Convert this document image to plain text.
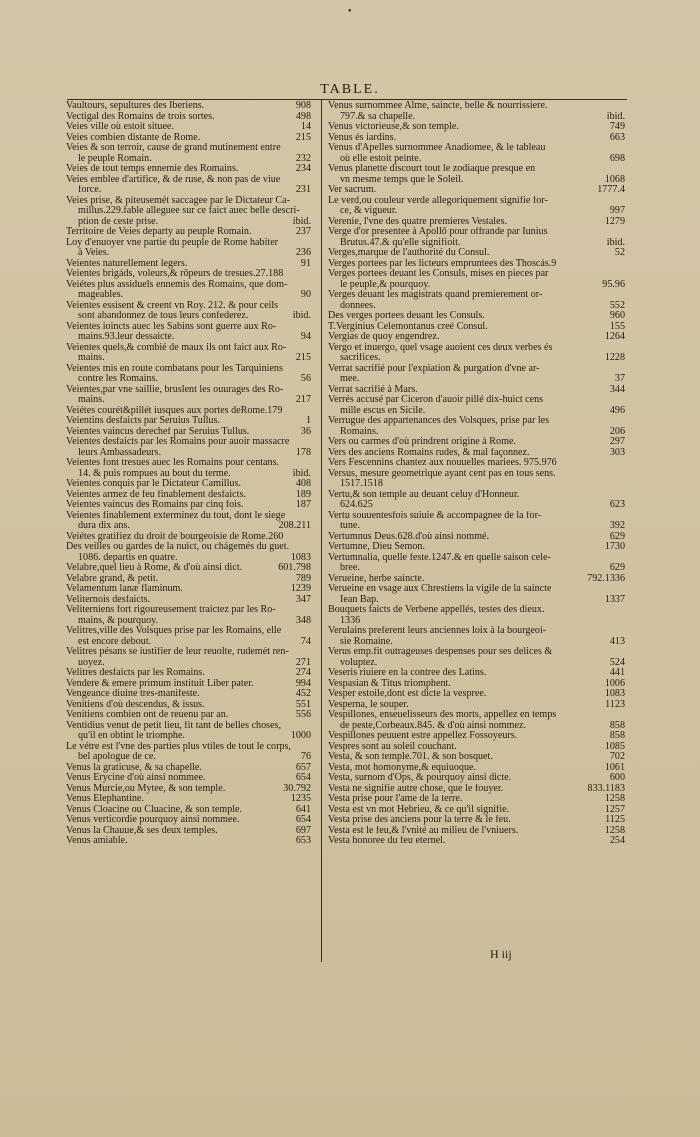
•
TABLE.
Vaultours, sepultures des Iberiens.	908
Vectigal des Romains de trois sortes.	498
Veies ville où estoit situee.	14
Veies combien distante de Rome.	215
Veies & son terroir, cause de grand mutinement entre
le peuple Romain.	232
Veies de tout temps ennemie des Romains.	234
Veies emblee d'artifice, & de ruse, & non pas de viue
force.	231
Veies prise, & piteusemét saccagee par le Dictateur Ca-
millus.229.fable alleguee sur ce faict auec belle descri-
ption de ceste prise.	ibid.
Territoire de Veies departy au peuple Romain.	237
Loy d'enuoyer vne partie du peuple de Rome habiter
à Veies.	236
Veientes naturellement legers.	91
Veientes brigáds, voleurs,& rōpeurs de tresues.27.188
Veiétes plus assiduels ennemis des Romains, que dom-
mageables.	90
Veientes essisent & creent vn Roy. 212. & pour ceils
sont abandonnez de tous leurs confederez.	ibid.
Veientes ioincts auec les Sabins sont guerre aux Ro-
mains.93.leur dessaicte.	94
Veientes quels,& combié de maux ils ont faict aux Ro-
mains.	215
Veientes mis en route combatans pour les Tarquiniens
contre les Romains.	56
Veientes,par vne saillie, bruslent les ouurages des Ro-
mains.	217
Veiétes courét&pillét iusques aux portes deRome.179
Veientins desfaicts par Seruius Tullus.	1
Veientes vaincus derechef par Seruius Tullus.	36
Veientes desfaicts par les Romains pour auoir massacre
leurs Ambassadeurs.	178
Veientes font tresues auec les Romains pour centans.
14. & puis rompues au bout du terme.	ibid.
Veientes conquis par le Dictateur Camillus.	408
Veientes armez de feu finablement desfaicts.	189
Veientes vaincus des Romains par cinq fois.	187
Veientes finablement exterminez du tout, dont le siege
dura dix ans.	208.211
Veiétes gratifiez du droit de bourgeoisie de Rome.260
Des veilles ou gardes de la nuict, ou chágemés du guet.
1086. departis en quatre.	1083
Velabre,quel lieu à Rome, & d'où ainsi dict.	601.798
Velabre grand, & petit.	789
Velamentum lanæ flaminum.	1239
Veliternois desfaicts.	347
Veliterniens fort rigoureusement traictez par les Ro-
mains, & pourquoy.	348
Velitres,ville des Volsques prise par les Romains, elle
est encore debout.	74
Velitres pésans se iustifier de leur reuolte, rudemét ren-
uoyez.	271
Velitres desfaicts par les Romains.	274
Vendere & emere primum instituit Liber pater.	994
Vengeance diuine tres-manifeste.	452
Venitiens d'où descendus, & issus.	551
Venitiens combien ont de reuenu par an.	556
Ventidius venut de petit lieu, fit tant de belles choses,
qu'il en obtint le triomphe.	1000
Le vétre est l'vne des parties plus vtiles de tout le corps,
bel apologue de ce.	76
Venus la graticuse, & sa chapelle.	657
Venus Erycine d'où ainsi nommee.	654
Venus Murcie,ou Mytee, & son temple.	30.792
Venus Elephantine.	1235
Venus Cloacine ou Cluacine, & son temple.	641
Venus verticordie pourquoy ainsi nommee.	654
Venus la Chauue,& ses deux temples.	697
Venus amiable.	653
Venus surnommee Alme, saincte, belle & nourrissiere.
797.& sa chapelle.	ibid.
Venus victorieuse,& son temple.	749
Venus és iardins.	663
Venus d'Apelles surnommee Anadiomee, & le tableau
où elle estoit peinte.	698
Venus planette discourt tout le zodiaque presque en
vn mesme temps que le Soleil.	1068
Ver sacrum.	1777.4
Le verd,ou couleur verde allegoriquement signifie for-
ce, & vigueur.	997
Verenie, l'vne des quatre premieres Vestales.	1279
Verge d'or presentee à Apollō pour offrande par Iunius
Brutus.47.& qu'elle signifioit.	ibid.
Verges,marque de l'authorité du Consul.	52
Verges portees par les licteurs empruntees des Thoscás.9
Verges portees deuant les Consuls, mises en pieces par
le peuple,& pourquoy.	95.96
Verges deuant les magistrats quand premierement or-
donnees.	552
Des verges portees deuant les Consuls.	960
T.Verginius Celemontanus creé Consul.	155
Vergias de quoy engendrez.	1264
Vergo et inuergo, quel vsage auoient ces deux verbes és
sacrifices.	1228
Verrat sacrifié pour l'expiation & purgation d'vne ar-
mee.	37
Verrat sacrifié à Mars.	344
Verrés accusé par Ciceron d'auoir pillé dix-huict cens
mille escus en Sicile.	496
Verrugue des appartenances des Volsques, prise par les
Romains.	206
Vers ou carmes d'où prindrent origine à Rome.	297
Vers des anciens Romains rudes, & mal façonnez.	303
Vers Fescennins chantez aux nouuelles mariees. 975.976
Versus, mesure geometrique ayant cent pas en tous sens.
1517.1518
Vertu,& son temple au deuant celuy d'Honneur.
624.625	623
Vertu souuentesfois suiuie & accompagnee de la for-
tune.	392
Vertumnus Deus.628.d'où ainsi nommé.	629
Vertumne, Dieu Semon.	1730
Vertumnalia, quelle feste.1247.& en quelle saison cele-
bree.	629
Verueine, herbe saincte.	792.1336
Verueine en vsage aux Chrestiens la vigile de la saincte
Iean Bap.	1337
Bouquets faicts de Verbene appellés, testes des dieux.
1336
Verulains preferent leurs anciennes loix à la bourgeoi-
sie Romaine.	413
Verus emp.fit outrageuses despenses pour ses delices &
voluptez.	524
Veseris riuiere en la contree des Latins.	441
Vespasian & Titus triomphent.	1006
Vesper estoile,dont est dicte la vespree.	1083
Vesperna, le souper.	1123
Vespillones, enseuelisseurs des morts, appellez en temps
de peste,Corbeaux.845. & d'où ainsi nommez.	858
Vespillones peuuent estre appellez Fossoyeurs.	858
Vespres sont au soleil couchant.	1085
Vesta, & son temple.701. & son bosquet.	702
Vesta, mot homonyme,& equiuoque.	1061
Vesta, surnom d'Ops, & pourquoy ainsi dicte.	600
Vesta ne signifie autre chose, que le fouyer.	833.1183
Vesta prise pour l'ame de la terre.	1258
Vesta est vn mot Hebrieu, & ce qu'il signifie.	1257
Vesta prise des anciens pour la terre & le feu.	1125
Vesta est le feu,& l'vnité au milieu de l'vniuers.	1258
Vesta honoree du feu eternel.	254
H iij
